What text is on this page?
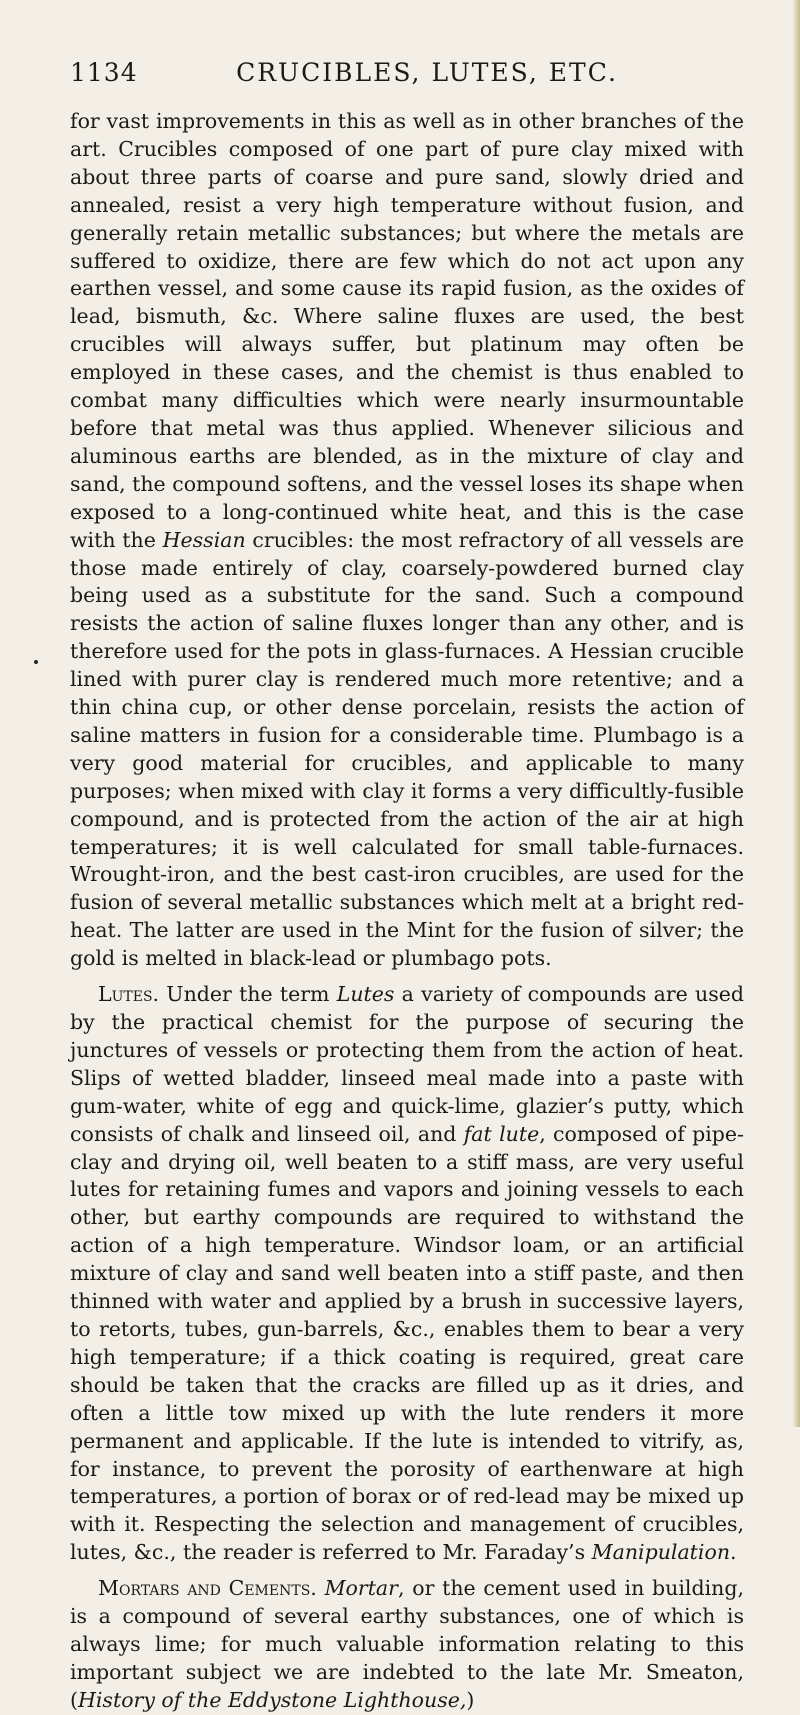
1134	CRUCIBLES, LUTES, ETC.

for vast improvements in this as well as in other branches of the art. Crucibles composed of one part of pure clay mixed with about three parts of coarse and pure sand, slowly dried and annealed, resist a very high temperature without fusion, and generally retain metallic substances; but where the metals are suffered to oxidize, there are few which do not act upon any earthen vessel, and some cause its rapid fusion, as the oxides of lead, bismuth, &c. Where saline fluxes are used, the best crucibles will always suffer, but platinum may often be employed in these cases, and the chemist is thus enabled to combat many difficulties which were nearly insurmountable before that metal was thus applied. Whenever silicious and aluminous earths are blended, as in the mixture of clay and sand, the compound softens, and the vessel loses its shape when exposed to a long-continued white heat, and this is the case with the Hessian crucibles: the most refractory of all vessels are those made entirely of clay, coarsely-powdered burned clay being used as a substitute for the sand. Such a compound resists the action of saline fluxes longer than any other, and is therefore used for the pots in glass-furnaces. A Hessian crucible lined with purer clay is rendered much more retentive; and a thin china cup, or other dense porcelain, resists the action of saline matters in fusion for a considerable time. Plumbago is a very good material for crucibles, and applicable to many purposes; when mixed with clay it forms a very difficultly-fusible compound, and is protected from the action of the air at high temperatures; it is well calculated for small table-furnaces. Wrought-iron, and the best cast-iron crucibles, are used for the fusion of several metallic substances which melt at a bright red-heat. The latter are used in the Mint for the fusion of silver; the gold is melted in black-lead or plumbago pots.

Lutes. Under the term Lutes a variety of compounds are used by the practical chemist for the purpose of securing the junctures of vessels or protecting them from the action of heat. Slips of wetted bladder, linseed meal made into a paste with gum-water, white of egg and quick-lime, glazier’s putty, which consists of chalk and linseed oil, and fat lute, composed of pipe-clay and drying oil, well beaten to a stiff mass, are very useful lutes for retaining fumes and vapors and joining vessels to each other, but earthy compounds are required to withstand the action of a high temperature. Windsor loam, or an artificial mixture of clay and sand well beaten into a stiff paste, and then thinned with water and applied by a brush in successive layers, to retorts, tubes, gun-barrels, &c., enables them to bear a very high temperature; if a thick coating is required, great care should be taken that the cracks are filled up as it dries, and often a little tow mixed up with the lute renders it more permanent and applicable. If the lute is intended to vitrify, as, for instance, to prevent the porosity of earthenware at high temperatures, a portion of borax or of red-lead may be mixed up with it. Respecting the selection and management of crucibles, lutes, &c., the reader is referred to Mr. Faraday’s Manipulation.

Mortars and Cements. Mortar, or the cement used in building, is a compound of several earthy substances, one of which is always lime; for much valuable information relating to this important subject we are indebted to the late Mr. Smeaton, (History of the Eddystone Lighthouse,)
